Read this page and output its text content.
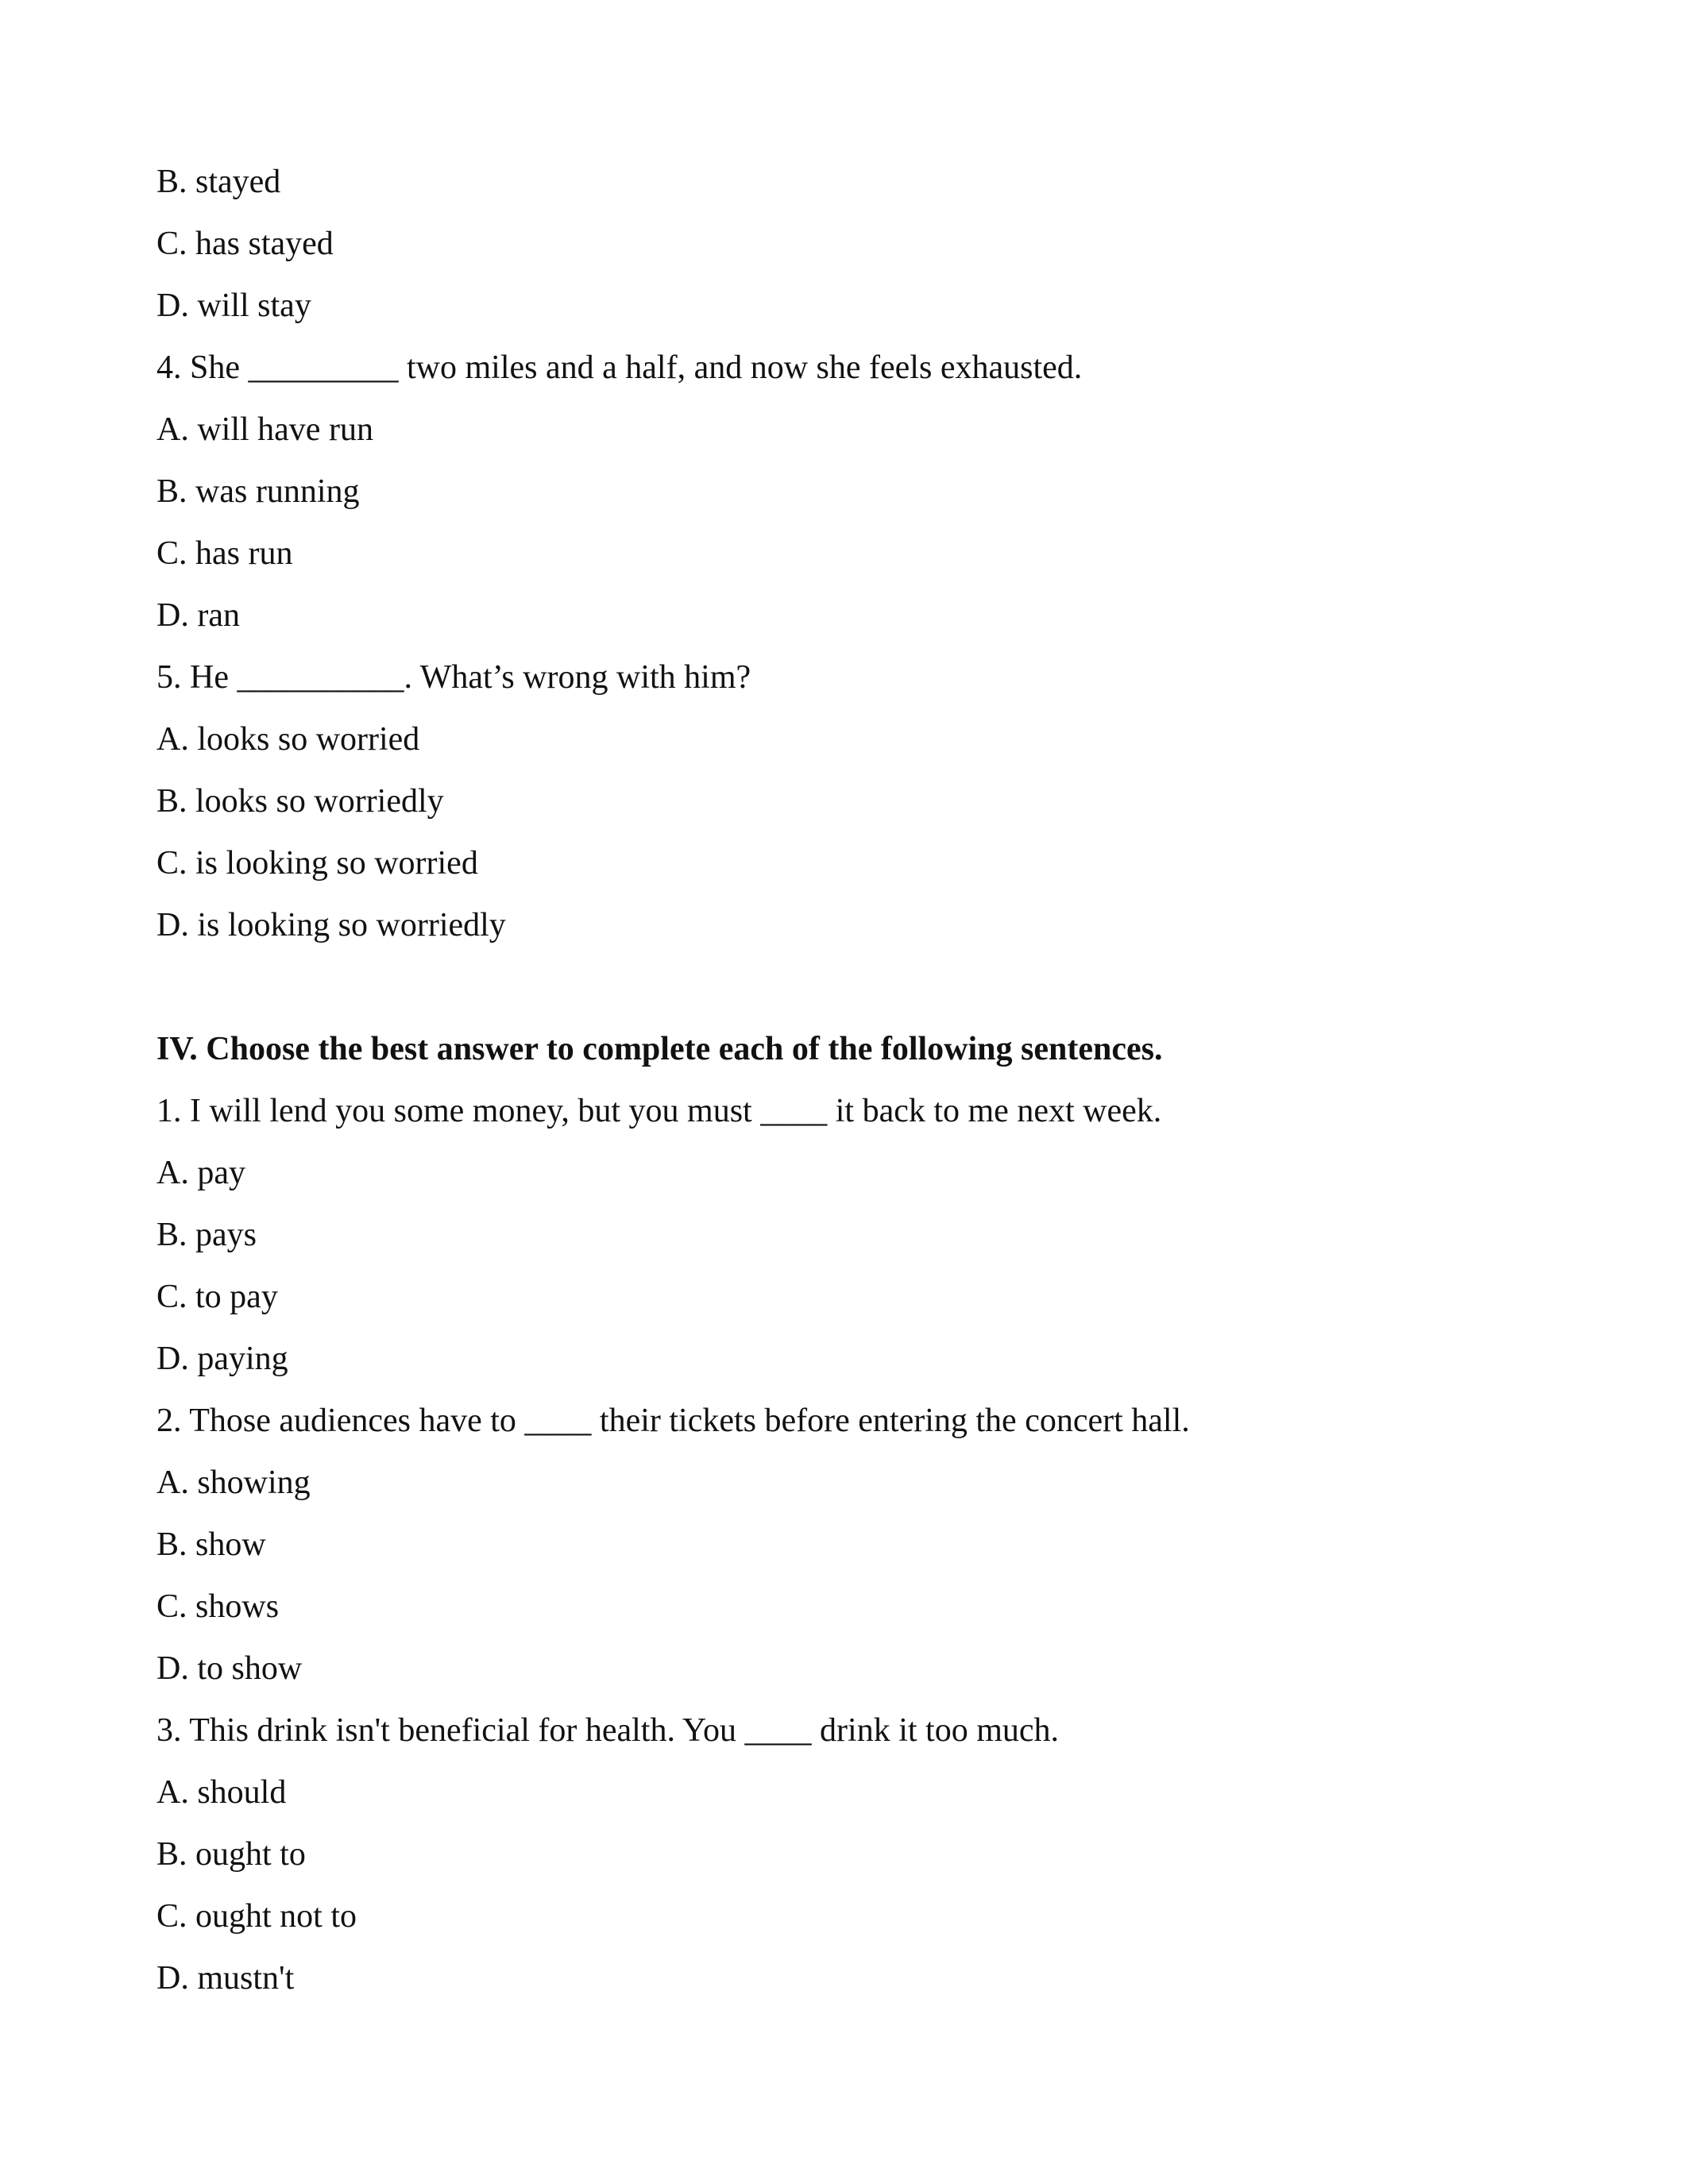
B. stayed
C. has stayed
D. will stay
4. She _________ two miles and a half, and now she feels exhausted.
A. will have run
B. was running
C. has run
D. ran
5. He __________. What’s wrong with him?
A. looks so worried
B. looks so worriedly
C. is looking so worried
D. is looking so worriedly
IV. Choose the best answer to complete each of the following sentences.
1. I will lend you some money, but you must ____ it back to me next week.
A. pay
B. pays
C. to pay
D. paying
2. Those audiences have to ____ their tickets before entering the concert hall.
A. showing
B. show
C. shows
D. to show
3. This drink isn't beneficial for health. You ____ drink it too much.
A. should
B. ought to
C. ought not to
D. mustn't
